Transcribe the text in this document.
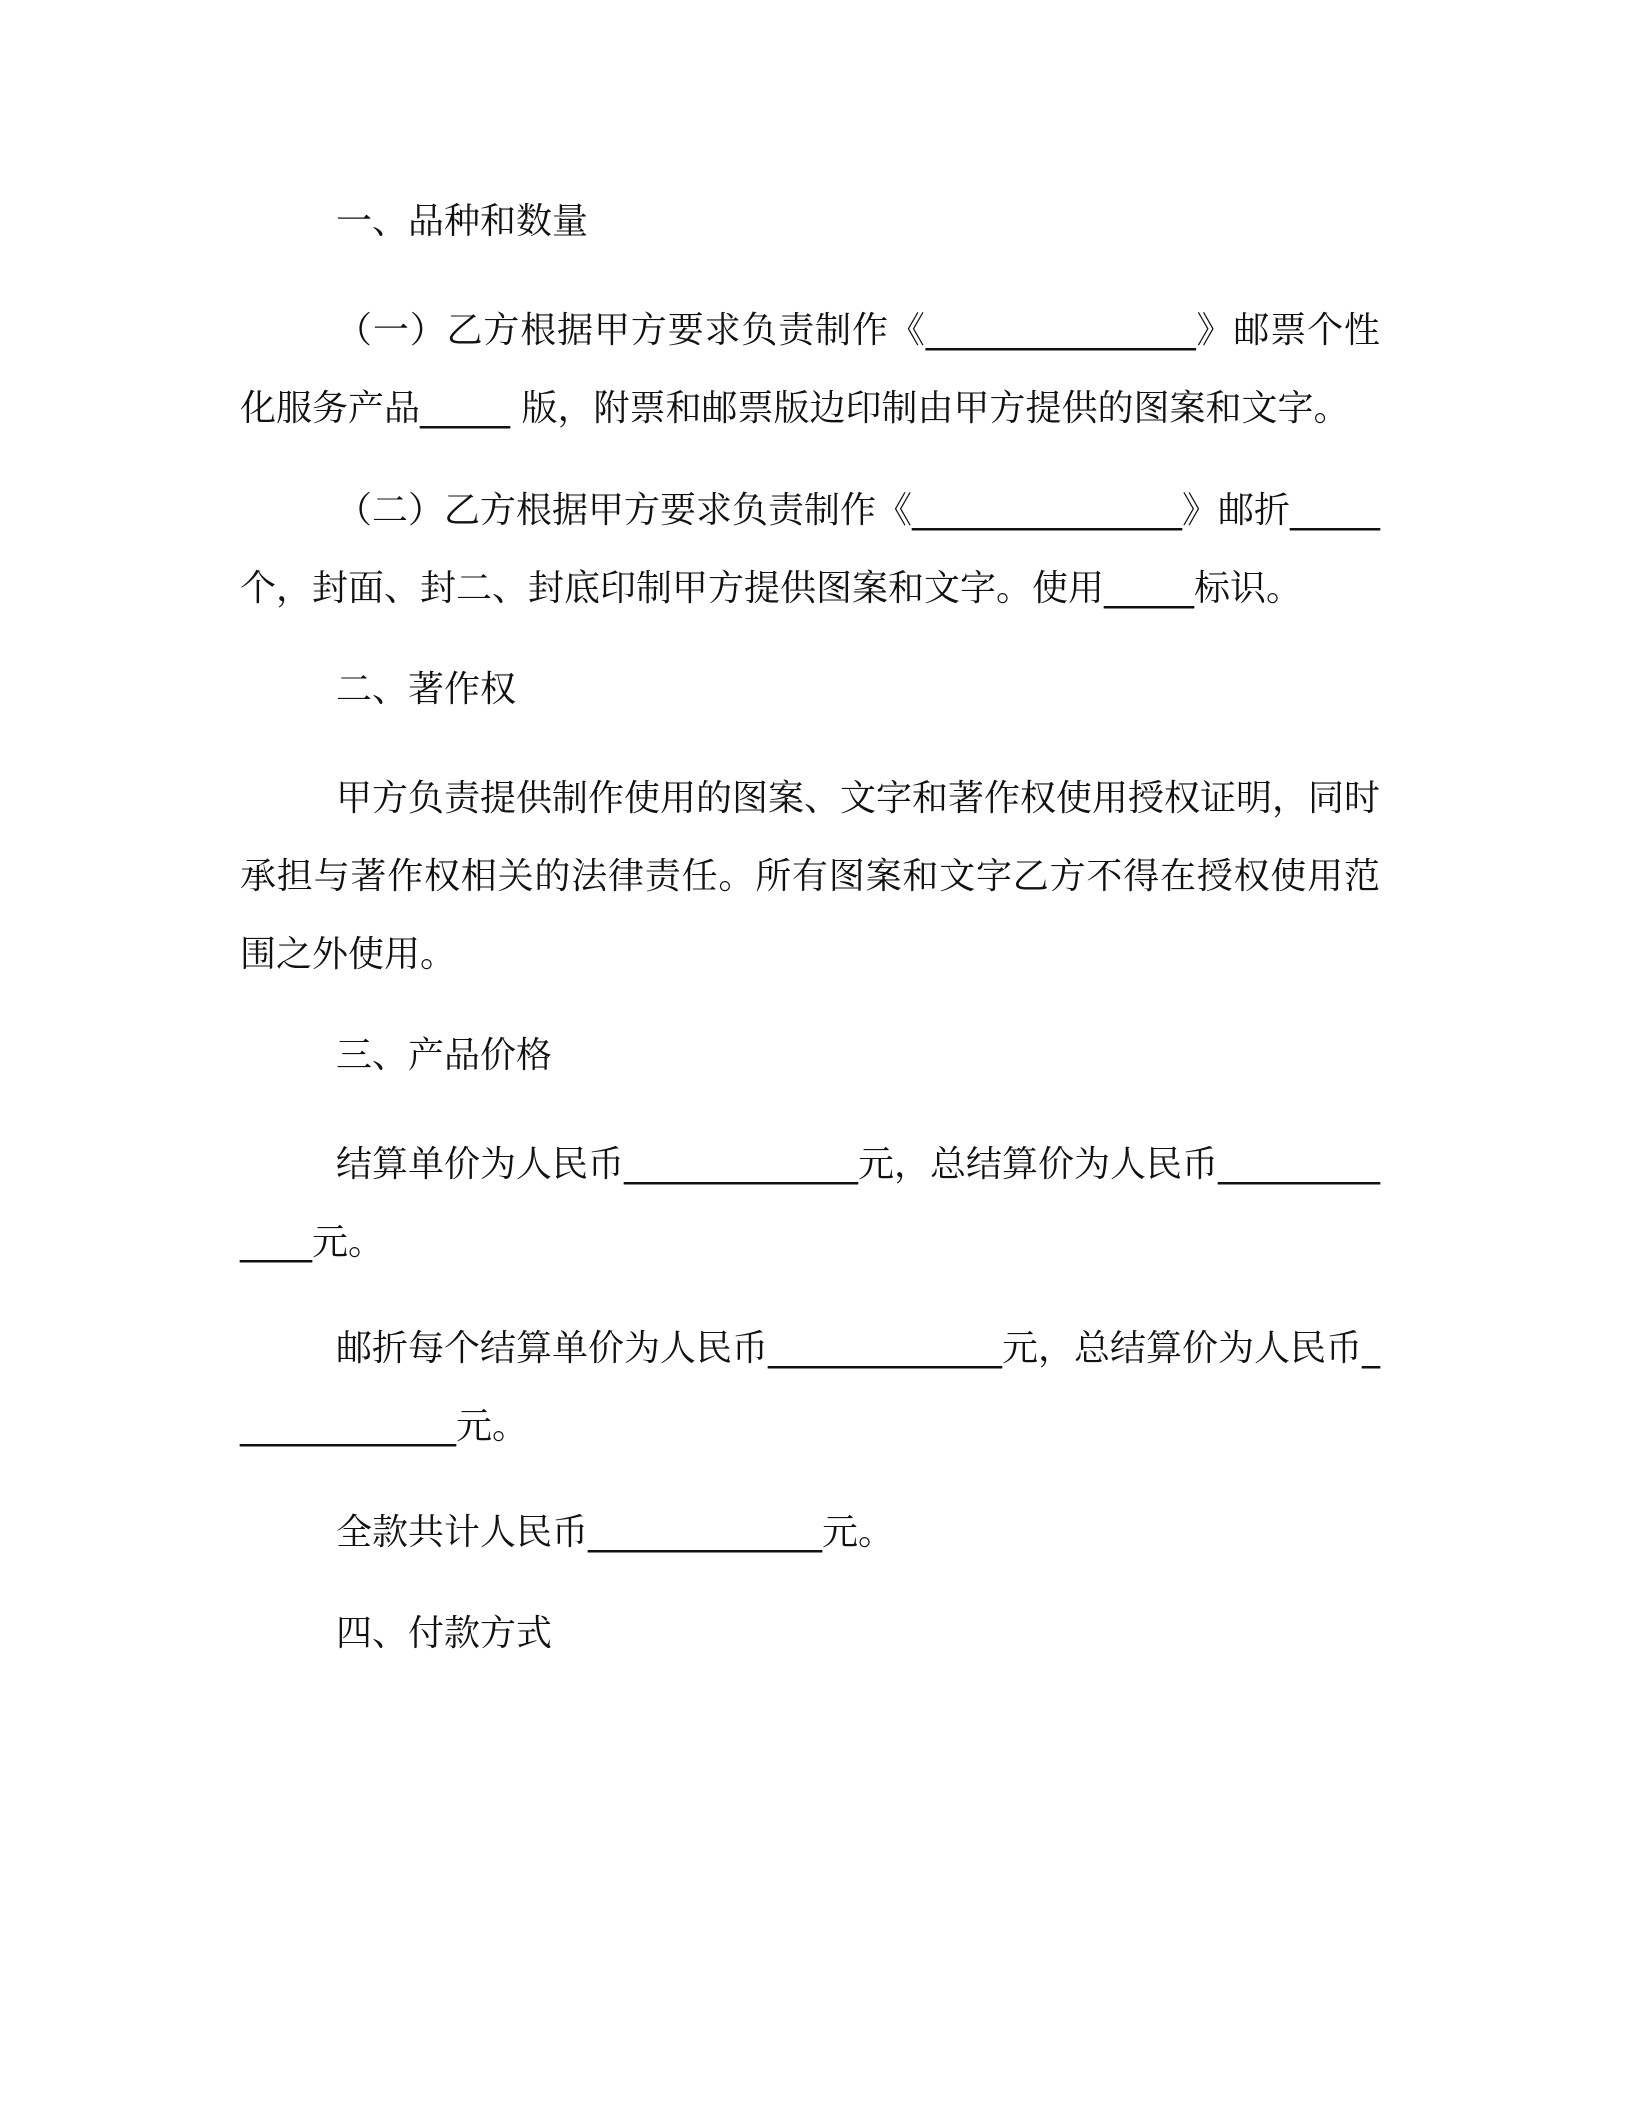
一、品种和数量

（一）乙方根据甲方要求负责制作《_______________》邮票个性化服务产品_____ 版，附票和邮票版边印制由甲方提供的图案和文字。

（二）乙方根据甲方要求负责制作《_______________》邮折_____个，封面、封二、封底印制甲方提供图案和文字。使用_____标识。

二、著作权

甲方负责提供制作使用的图案、文字和著作权使用授权证明，同时承担与著作权相关的法律责任。所有图案和文字乙方不得在授权使用范围之外使用。

三、产品价格

结算单价为人民币_____________元，总结算价为人民币_____________元。

邮折每个结算单价为人民币_____________元，总结算价为人民币_____________元。

全款共计人民币_____________元。

四、付款方式
